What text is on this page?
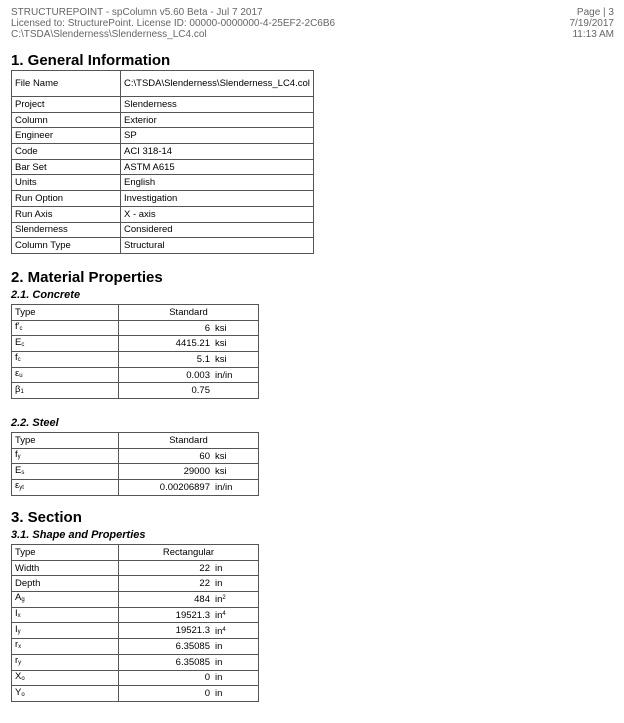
STRUCTUREPOINT - spColumn v5.60 Beta - Jul 7 2017
Licensed to: StructurePoint. License ID: 00000-0000000-4-25EF2-2C6B6
C:\TSDA\Slenderness\Slenderness_LC4.col
Page | 3
7/19/2017
11:13 AM
1. General Information
File Name	C:\TSDA\Slenderness\Slenderness_LC4.col
Project	Slenderness
Column	Exterior
Engineer	SP
Code	ACI 318-14
Bar Set	ASTM A615
Units	English
Run Option	Investigation
Run Axis	X - axis
Slenderness	Considered
Column Type	Structural
2. Material Properties
2.1. Concrete
Type	Standard	
$f'_c$	6	ksi
$E_c$	4415.21	ksi
$f_c$	5.1	ksi
$\varepsilon_u$	0.003	in/in
$\beta_1$	0.75	
2.2. Steel
Type	Standard	
$f_y$	60	ksi
$E_s$	29000	ksi
$\varepsilon_{yt}$	0.00206897	in/in
3. Section
3.1. Shape and Properties
Type	Rectangular	
Width	22	in
Depth	22	in
$A_g$	484	$in^2$
$I_x$	19521.3	$in^4$
$I_y$	19521.3	$in^4$
$r_x$	6.35085	in
$r_y$	6.35085	in
$X_o$	0	in
$Y_o$	0	in
